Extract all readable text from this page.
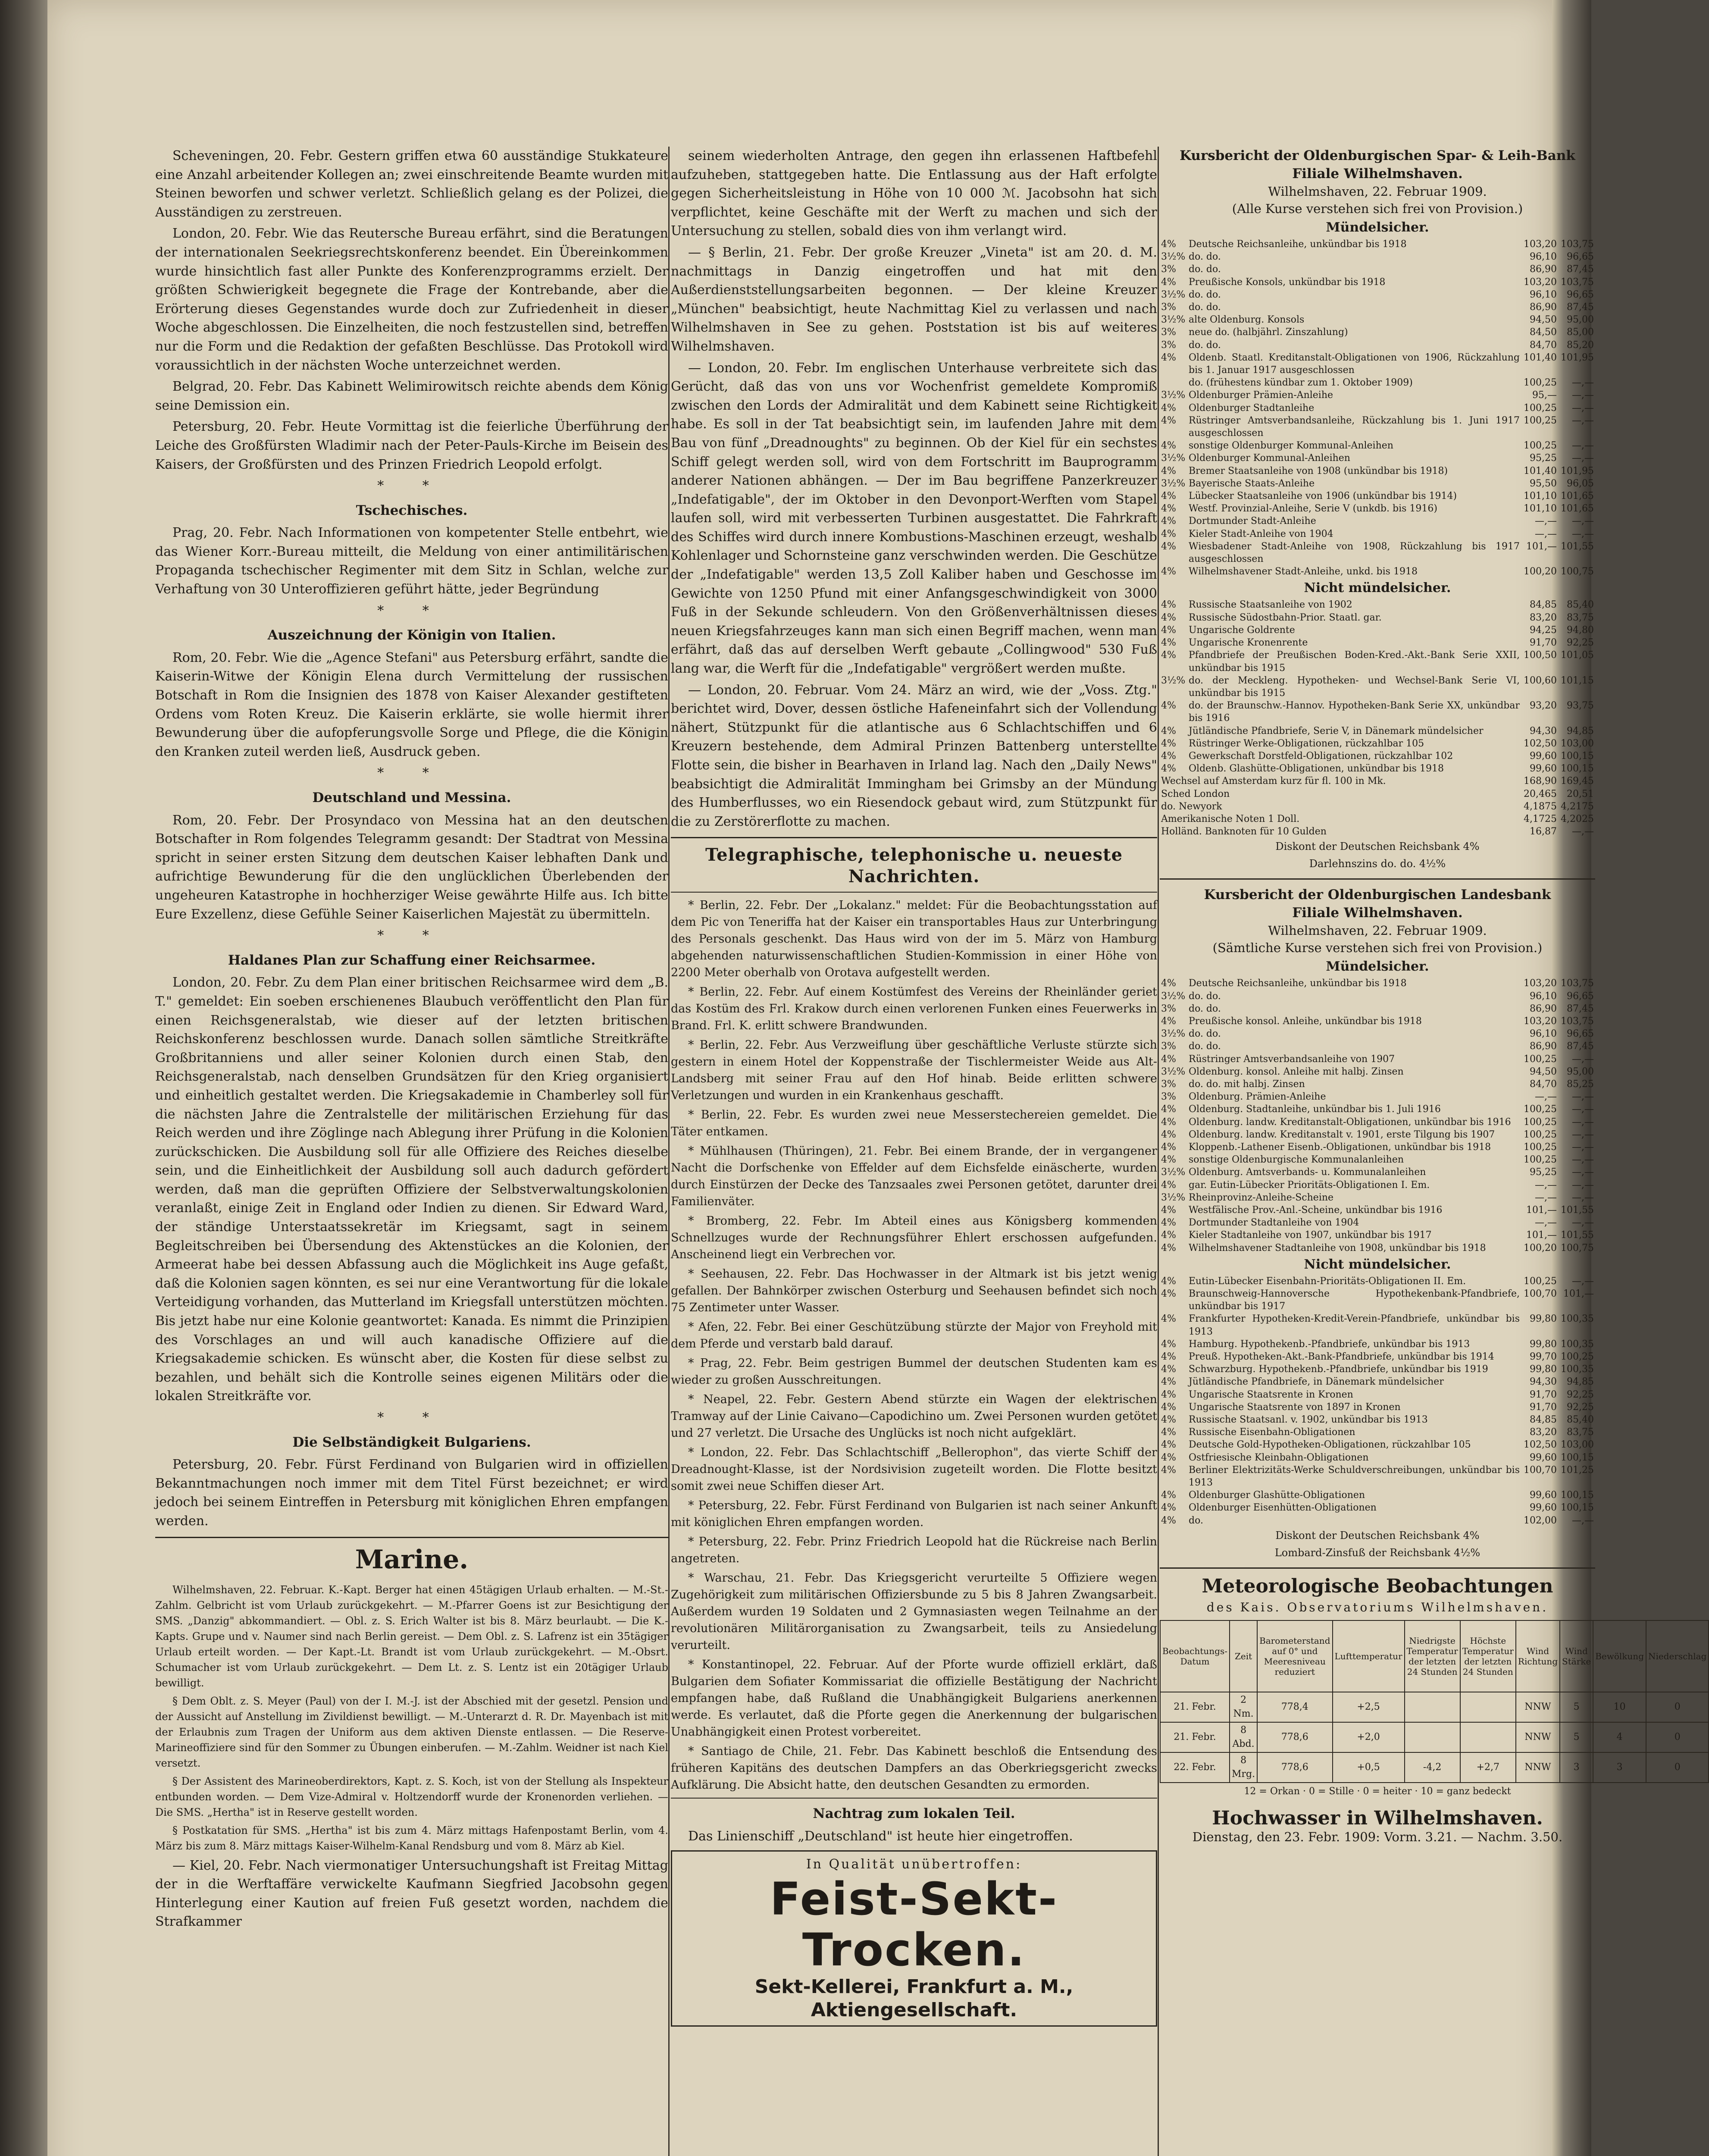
Scheveningen, 20. Febr. Gestern griffen etwa 60 ausständige Stukkateure eine Anzahl arbeitender Kollegen an; zwei einschreitende Beamte wurden mit Steinen beworfen und schwer verletzt. Schließlich gelang es der Polizei, die Ausständigen zu zerstreuen.

London, 20. Febr. Wie das Reutersche Bureau erfährt, sind die Beratungen der internationalen Seekriegsrechtskonferenz beendet. Ein Übereinkommen wurde hinsichtlich fast aller Punkte des Konferenzprogramms erzielt. Der größten Schwierigkeit begegnete die Frage der Kontrebande, aber die Erörterung dieses Gegenstandes wurde doch zur Zufriedenheit in dieser Woche abgeschlossen. Die Einzelheiten, die noch festzustellen sind, betreffen nur die Form und die Redaktion der gefaßten Beschlüsse. Das Protokoll wird voraussichtlich in der nächsten Woche unterzeichnet werden.

Belgrad, 20. Febr. Das Kabinett Welimirowitsch reichte abends dem König seine Demission ein.

Petersburg, 20. Febr. Heute Vormittag ist die feierliche Überführung der Leiche des Großfürsten Wladimir nach der Peter-Pauls-Kirche im Beisein des Kaisers, der Großfürsten und des Prinzen Friedrich Leopold erfolgt.

* *
Tschechisches.

Prag, 20. Febr. Nach Informationen von kompetenter Stelle entbehrt, wie das Wiener Korr.-Bureau mitteilt, die Meldung von einer antimilitärischen Propaganda tschechischer Regimenter mit dem Sitz in Schlan, welche zur Verhaftung von 30 Unteroffizieren geführt hätte, jeder Begründung

* *
Auszeichnung der Königin von Italien.

Rom, 20. Febr. Wie die „Agence Stefani" aus Petersburg erfährt, sandte die Kaiserin-Witwe der Königin Elena durch Vermittelung der russischen Botschaft in Rom die Insignien des 1878 von Kaiser Alexander gestifteten Ordens vom Roten Kreuz. Die Kaiserin erklärte, sie wolle hiermit ihrer Bewunderung über die aufopferungsvolle Sorge und Pflege, die die Königin den Kranken zuteil werden ließ, Ausdruck geben.

* *
Deutschland und Messina.

Rom, 20. Febr. Der Prosyndaco von Messina hat an den deutschen Botschafter in Rom folgendes Telegramm gesandt: Der Stadtrat von Messina spricht in seiner ersten Sitzung dem deutschen Kaiser lebhaften Dank und aufrichtige Bewunderung für die den unglücklichen Überlebenden der ungeheuren Katastrophe in hochherziger Weise gewährte Hilfe aus. Ich bitte Eure Exzellenz, diese Gefühle Seiner Kaiserlichen Majestät zu übermitteln.

* *
Haldanes Plan zur Schaffung einer Reichsarmee.

London, 20. Febr. Zu dem Plan einer britischen Reichsarmee wird dem „B. T." gemeldet: Ein soeben erschienenes Blaubuch veröffentlicht den Plan für einen Reichsgeneralstab, wie dieser auf der letzten britischen Reichskonferenz beschlossen wurde. Danach sollen sämtliche Streitkräfte Großbritanniens und aller seiner Kolonien durch einen Stab, den Reichsgeneralstab, nach denselben Grundsätzen für den Krieg organisiert und einheitlich gestaltet werden. Die Kriegsakademie in Chamberley soll für die nächsten Jahre die Zentralstelle der militärischen Erziehung für das Reich werden und ihre Zöglinge nach Ablegung ihrer Prüfung in die Kolonien zurückschicken. Die Ausbildung soll für alle Offiziere des Reiches dieselbe sein, und die Einheitlichkeit der Ausbildung soll auch dadurch gefördert werden, daß man die geprüften Offiziere der Selbstverwaltungskolonien veranlaßt, einige Zeit in England oder Indien zu dienen. Sir Edward Ward, der ständige Unterstaatssekretär im Kriegsamt, sagt in seinem Begleitschreiben bei Übersendung des Aktenstückes an die Kolonien, der Armeerat habe bei dessen Abfassung auch die Möglichkeit ins Auge gefaßt, daß die Kolonien sagen könnten, es sei nur eine Verantwortung für die lokale Verteidigung vorhanden, das Mutterland im Kriegsfall unterstützen möchten. Bis jetzt habe nur eine Kolonie geantwortet: Kanada. Es nimmt die Prinzipien des Vorschlages an und will auch kanadische Offiziere auf die Kriegsakademie schicken. Es wünscht aber, die Kosten für diese selbst zu bezahlen, und behält sich die Kontrolle seines eigenen Militärs oder die lokalen Streitkräfte vor.

* *
Die Selbständigkeit Bulgariens.

Petersburg, 20. Febr. Fürst Ferdinand von Bulgarien wird in offiziellen Bekanntmachungen noch immer mit dem Titel Fürst bezeichnet; er wird jedoch bei seinem Eintreffen in Petersburg mit königlichen Ehren empfangen werden.

Marine.

Wilhelmshaven, 22. Februar. K.-Kapt. Berger hat einen 45tägigen Urlaub erhalten. — M.-St.-Zahlm. Gelbricht ist vom Urlaub zurückgekehrt. — M.-Pfarrer Goens ist zur Besichtigung der SMS. „Danzig" abkommandiert. — Obl. z. S. Erich Walter ist bis 8. März beurlaubt. — Die K.-Kapts. Grupe und v. Naumer sind nach Berlin gereist. — Dem Obl. z. S. Lafrenz ist ein 35tägiger Urlaub erteilt worden. — Der Kapt.-Lt. Brandt ist vom Urlaub zurückgekehrt. — M.-Obsrt. Schumacher ist vom Urlaub zurückgekehrt. — Dem Lt. z. S. Lentz ist ein 20tägiger Urlaub bewilligt.

§ Dem Oblt. z. S. Meyer (Paul) von der I. M.-J. ist der Abschied mit der gesetzl. Pension und der Aussicht auf Anstellung im Zivildienst bewilligt. — M.-Unterarzt d. R. Dr. Mayenbach ist mit der Erlaubnis zum Tragen der Uniform aus dem aktiven Dienste entlassen. — Die Reserve-Marineoffiziere sind für den Sommer zu Übungen einberufen. — M.-Zahlm. Weidner ist nach Kiel versetzt.

§ Der Assistent des Marineoberdirektors, Kapt. z. S. Koch, ist von der Stellung als Inspekteur entbunden worden. — Dem Vize-Admiral v. Holtzendorff wurde der Kronenorden verliehen. — Die SMS. „Hertha" ist in Reserve gestellt worden.

§ Postkatation für SMS. „Hertha" ist bis zum 4. März mittags Hafenpostamt Berlin, vom 4. März bis zum 8. März mittags Kaiser-Wilhelm-Kanal Rendsburg und vom 8. März ab Kiel.

— Kiel, 20. Febr. Nach viermonatiger Untersuchungshaft ist Freitag Mittag der in die Werftaffäre verwickelte Kaufmann Siegfried Jacobsohn gegen Hinterlegung einer Kaution auf freien Fuß gesetzt worden, nachdem die Strafkammer

seinem wiederholten Antrage, den gegen ihn erlassenen Haftbefehl aufzuheben, stattgegeben hatte. Die Entlassung aus der Haft erfolgte gegen Sicherheitsleistung in Höhe von 10 000 ℳ. Jacobsohn hat sich verpflichtet, keine Geschäfte mit der Werft zu machen und sich der Untersuchung zu stellen, sobald dies von ihm verlangt wird.

— § Berlin, 21. Febr. Der große Kreuzer „Vineta" ist am 20. d. M. nachmittags in Danzig eingetroffen und hat mit den Außerdienststellungsarbeiten begonnen. — Der kleine Kreuzer „München" beabsichtigt, heute Nachmittag Kiel zu verlassen und nach Wilhelmshaven in See zu gehen. Poststation ist bis auf weiteres Wilhelmshaven.

— London, 20. Febr. Im englischen Unterhause verbreitete sich das Gerücht, daß das von uns vor Wochenfrist gemeldete Kompromiß zwischen den Lords der Admiralität und dem Kabinett seine Richtigkeit habe. Es soll in der Tat beabsichtigt sein, im laufenden Jahre mit dem Bau von fünf „Dreadnoughts" zu beginnen. Ob der Kiel für ein sechstes Schiff gelegt werden soll, wird von dem Fortschritt im Bauprogramm anderer Nationen abhängen. — Der im Bau begriffene Panzerkreuzer „Indefatigable", der im Oktober in den Devonport-Werften vom Stapel laufen soll, wird mit verbesserten Turbinen ausgestattet. Die Fahrkraft des Schiffes wird durch innere Kombustions-Maschinen erzeugt, weshalb Kohlenlager und Schornsteine ganz verschwinden werden. Die Geschütze der „Indefatigable" werden 13,5 Zoll Kaliber haben und Geschosse im Gewichte von 1250 Pfund mit einer Anfangsgeschwindigkeit von 3000 Fuß in der Sekunde schleudern. Von den Größenverhältnissen dieses neuen Kriegsfahrzeuges kann man sich einen Begriff machen, wenn man erfährt, daß das auf derselben Werft gebaute „Collingwood" 530 Fuß lang war, die Werft für die „Indefatigable" vergrößert werden mußte.

— London, 20. Februar. Vom 24. März an wird, wie der „Voss. Ztg." berichtet wird, Dover, dessen östliche Hafeneinfahrt sich der Vollendung nähert, Stützpunkt für die atlantische aus 6 Schlachtschiffen und 6 Kreuzern bestehende, dem Admiral Prinzen Battenberg unterstellte Flotte sein, die bisher in Bearhaven in Irland lag. Nach den „Daily News" beabsichtigt die Admiralität Immingham bei Grimsby an der Mündung des Humberflusses, wo ein Riesendock gebaut wird, zum Stützpunkt für die zu Zerstörerflotte zu machen.

Telegraphische, telephonische u. neueste Nachrichten.

* Berlin, 22. Febr. Der „Lokalanz." meldet: Für die Beobachtungsstation auf dem Pic von Teneriffa hat der Kaiser ein transportables Haus zur Unterbringung des Personals geschenkt. Das Haus wird von der im 5. März von Hamburg abgehenden naturwissenschaftlichen Studien-Kommission in einer Höhe von 2200 Meter oberhalb von Orotava aufgestellt werden.

* Berlin, 22. Febr. Auf einem Kostümfest des Vereins der Rheinländer geriet das Kostüm des Frl. Krakow durch einen verlorenen Funken eines Feuerwerks in Brand. Frl. K. erlitt schwere Brandwunden.

* Berlin, 22. Febr. Aus Verzweiflung über geschäftliche Verluste stürzte sich gestern in einem Hotel der Koppenstraße der Tischlermeister Weide aus Alt-Landsberg mit seiner Frau auf den Hof hinab. Beide erlitten schwere Verletzungen und wurden in ein Krankenhaus geschafft.

* Berlin, 22. Febr. Es wurden zwei neue Messerstechereien gemeldet. Die Täter entkamen.

* Mühlhausen (Thüringen), 21. Febr. Bei einem Brande, der in vergangener Nacht die Dorfschenke von Effelder auf dem Eichsfelde einäscherte, wurden durch Einstürzen der Decke des Tanzsaales zwei Personen getötet, darunter drei Familienväter.

* Bromberg, 22. Febr. Im Abteil eines aus Königsberg kommenden Schnellzuges wurde der Rechnungsführer Ehlert erschossen aufgefunden. Anscheinend liegt ein Verbrechen vor.

* Seehausen, 22. Febr. Das Hochwasser in der Altmark ist bis jetzt wenig gefallen. Der Bahnkörper zwischen Osterburg und Seehausen befindet sich noch 75 Zentimeter unter Wasser.

* Afen, 22. Febr. Bei einer Geschützübung stürzte der Major von Freyhold mit dem Pferde und verstarb bald darauf.

* Prag, 22. Febr. Beim gestrigen Bummel der deutschen Studenten kam es wieder zu großen Ausschreitungen.

* Neapel, 22. Febr. Gestern Abend stürzte ein Wagen der elektrischen Tramway auf der Linie Caivano—Capodichino um. Zwei Personen wurden getötet und 27 verletzt. Die Ursache des Unglücks ist noch nicht aufgeklärt.

* London, 22. Febr. Das Schlachtschiff „Bellerophon", das vierte Schiff der Dreadnought-Klasse, ist der Nordsivision zugeteilt worden. Die Flotte besitzt somit zwei neue Schiffen dieser Art.

* Petersburg, 22. Febr. Fürst Ferdinand von Bulgarien ist nach seiner Ankunft mit königlichen Ehren empfangen worden.

* Petersburg, 22. Febr. Prinz Friedrich Leopold hat die Rückreise nach Berlin angetreten.

* Warschau, 21. Febr. Das Kriegsgericht verurteilte 5 Offiziere wegen Zugehörigkeit zum militärischen Offiziersbunde zu 5 bis 8 Jahren Zwangsarbeit. Außerdem wurden 19 Soldaten und 2 Gymnasiasten wegen Teilnahme an der revolutionären Militärorganisation zu Zwangsarbeit, teils zu Ansiedelung verurteilt.

* Konstantinopel, 22. Februar. Auf der Pforte wurde offiziell erklärt, daß Bulgarien dem Sofiater Kommissariat die offizielle Bestätigung der Nachricht empfangen habe, daß Rußland die Unabhängigkeit Bulgariens anerkennen werde. Es verlautet, daß die Pforte gegen die Anerkennung der bulgarischen Unabhängigkeit einen Protest vorbereitet.

* Santiago de Chile, 21. Febr. Das Kabinett beschloß die Entsendung des früheren Kapitäns des deutschen Dampfers an das Oberkriegsgericht zwecks Aufklärung. Die Absicht hatte, den deutschen Gesandten zu ermorden.

Nachtrag zum lokalen Teil.

Das Linienschiff „Deutschland" ist heute hier eingetroffen.

In Qualität unübertroffen:
Feist-Sekt-Trocken.
Sekt-Kellerei, Frankfurt a. M., Aktiengesellschaft.
Kursbericht der Oldenburgischen Spar- & Leih-Bank
Filiale Wilhelmshaven.
Wilhelmshaven, 22. Februar 1909.
(Alle Kurse verstehen sich frei von Provision.)
Mündelsicher.
4%	Deutsche Reichsanleihe, unkündbar bis 1918	103,20	103,75
3½%	do. do.	96,10	96,65
3%	do. do.	86,90	87,45
4%	Preußische Konsols, unkündbar bis 1918	103,20	103,75
3½%	do. do.	96,10	96,65
3%	do. do.	86,90	87,45
3½%	alte Oldenburg. Konsols	94,50	95,00
3%	neue do. (halbjährl. Zinszahlung)	84,50	85,00
3%	do. do.	84,70	85,20
4%	Oldenb. Staatl. Kreditanstalt-Obligationen von 1906, Rückzahlung bis 1. Januar 1917 ausgeschlossen	101,40	101,95
	do. (frühestens kündbar zum 1. Oktober 1909)	100,25	—,—
3½%	Oldenburger Prämien-Anleihe	95,—	—,—
4%	Oldenburger Stadtanleihe	100,25	—,—
4%	Rüstringer Amtsverbandsanleihe, Rückzahlung bis 1. Juni 1917 ausgeschlossen	100,25	—,—
4%	sonstige Oldenburger Kommunal-Anleihen	100,25	—,—
3½%	Oldenburger Kommunal-Anleihen	95,25	—,—
4%	Bremer Staatsanleihe von 1908 (unkündbar bis 1918)	101,40	101,95
3½%	Bayerische Staats-Anleihe	95,50	96,05
4%	Lübecker Staatsanleihe von 1906 (unkündbar bis 1914)	101,10	101,65
4%	Westf. Provinzial-Anleihe, Serie V (unkdb. bis 1916)	101,10	101,65
4%	Dortmunder Stadt-Anleihe	—,—	—,—
4%	Kieler Stadt-Anleihe von 1904	—,—	—,—
4%	Wiesbadener Stadt-Anleihe von 1908, Rückzahlung bis 1917 ausgeschlossen	101,—	101,55
4%	Wilhelmshavener Stadt-Anleihe, unkd. bis 1918	100,20	100,75
Nicht mündelsicher.
4%	Russische Staatsanleihe von 1902	84,85	85,40
4%	Russische Südostbahn-Prior. Staatl. gar.	83,20	83,75
4%	Ungarische Goldrente	94,25	94,80
4%	Ungarische Kronenrente	91,70	92,25
4%	Pfandbriefe der Preußischen Boden-Kred.-Akt.-Bank Serie XXII, unkündbar bis 1915	100,50	101,05
3½%	do. der Meckleng. Hypotheken- und Wechsel-Bank Serie VI, unkündbar bis 1915	100,60	101,15
4%	do. der Braunschw.-Hannov. Hypotheken-Bank Serie XX, unkündbar bis 1916	93,20	93,75
4%	Jütländische Pfandbriefe, Serie V, in Dänemark mündelsicher	94,30	94,85
4%	Rüstringer Werke-Obligationen, rückzahlbar 105	102,50	103,00
4%	Gewerkschaft Dorstfeld-Obligationen, rückzahlbar 102	99,60	100,15
4%	Oldenb. Glashütte-Obligationen, unkündbar bis 1918	99,60	100,15
Wechsel auf Amsterdam kurz für fl. 100 in Mk.	168,90	169,45
Sched London	20,465	20,51
do. Newyork	4,1875	4,2175
Amerikanische Noten 1 Doll.	4,1725	4,2025
Holländ. Banknoten für 10 Gulden	16,87	—,—
Diskont der Deutschen Reichsbank 4%
Darlehnszins do. do. 4½%
Kursbericht der Oldenburgischen Landesbank
Filiale Wilhelmshaven.
Wilhelmshaven, 22. Februar 1909.
(Sämtliche Kurse verstehen sich frei von Provision.)
Mündelsicher.
4%	Deutsche Reichsanleihe, unkündbar bis 1918	103,20	103,75
3½%	do. do.	96,10	96,65
3%	do. do.	86,90	87,45
4%	Preußische konsol. Anleihe, unkündbar bis 1918	103,20	103,75
3½%	do. do.	96,10	96,65
3%	do. do.	86,90	87,45
4%	Rüstringer Amtsverbandsanleihe von 1907	100,25	—,—
3½%	Oldenburg. konsol. Anleihe mit halbj. Zinsen	94,50	95,00
3%	do. do. mit halbj. Zinsen	84,70	85,25
3%	Oldenburg. Prämien-Anleihe	—,—	—,—
4%	Oldenburg. Stadtanleihe, unkündbar bis 1. Juli 1916	100,25	—,—
4%	Oldenburg. landw. Kreditanstalt-Obligationen, unkündbar bis 1916	100,25	—,—
4%	Oldenburg. landw. Kreditanstalt v. 1901, erste Tilgung bis 1907	100,25	—,—
4%	Kloppenb.-Lathener Eisenb.-Obligationen, unkündbar bis 1918	100,25	—,—
4%	sonstige Oldenburgische Kommunalanleihen	100,25	—,—
3½%	Oldenburg. Amtsverbands- u. Kommunalanleihen	95,25	—,—
4%	gar. Eutin-Lübecker Prioritäts-Obligationen I. Em.	—,—	—,—
3½%	Rheinprovinz-Anleihe-Scheine	—,—	—,—
4%	Westfälische Prov.-Anl.-Scheine, unkündbar bis 1916	101,—	101,55
4%	Dortmunder Stadtanleihe von 1904	—,—	—,—
4%	Kieler Stadtanleihe von 1907, unkündbar bis 1917	101,—	101,55
4%	Wilhelmshavener Stadtanleihe von 1908, unkündbar bis 1918	100,20	100,75
Nicht mündelsicher.
4%	Eutin-Lübecker Eisenbahn-Prioritäts-Obligationen II. Em.	100,25	—,—
4%	Braunschweig-Hannoversche Hypothekenbank-Pfandbriefe, unkündbar bis 1917	100,70	101,—
4%	Frankfurter Hypotheken-Kredit-Verein-Pfandbriefe, unkündbar bis 1913	99,80	100,35
4%	Hamburg. Hypothekenb.-Pfandbriefe, unkündbar bis 1913	99,80	100,35
4%	Preuß. Hypotheken-Akt.-Bank-Pfandbriefe, unkündbar bis 1914	99,70	100,25
4%	Schwarzburg. Hypothekenb.-Pfandbriefe, unkündbar bis 1919	99,80	100,35
4%	Jütländische Pfandbriefe, in Dänemark mündelsicher	94,30	94,85
4%	Ungarische Staatsrente in Kronen	91,70	92,25
4%	Ungarische Staatsrente von 1897 in Kronen	91,70	92,25
4%	Russische Staatsanl. v. 1902, unkündbar bis 1913	84,85	85,40
4%	Russische Eisenbahn-Obligationen	83,20	83,75
4%	Deutsche Gold-Hypotheken-Obligationen, rückzahlbar 105	102,50	103,00
4%	Ostfriesische Kleinbahn-Obligationen	99,60	100,15
4%	Berliner Elektrizitäts-Werke Schuldverschreibungen, unkündbar bis 1913	100,70	101,25
4%	Oldenburger Glashütte-Obligationen	99,60	100,15
4%	Oldenburger Eisenhütten-Obligationen	99,60	100,15
4%	do.	102,00	—,—
Diskont der Deutschen Reichsbank 4%
Lombard-Zinsfuß der Reichsbank 4½%
Meteorologische Beobachtungen
des Kais. Observatoriums Wilhelmshaven.
Beobachtungs-Datum	Zeit	Barometerstand auf 0° und Meeresniveau reduziert	Lufttemperatur	Niedrigste Temperatur der letzten 24 Stunden	Höchste Temperatur der letzten 24 Stunden	Wind Richtung	Wind Stärke	Bewölkung	Niederschlag
21. Febr.	2 Nm.	778,4	+2,5			NNW	5	10	0
21. Febr.	8 Abd.	778,6	+2,0			NNW	5	4	0
22. Febr.	8 Mrg.	778,6	+0,5	-4,2	+2,7	NNW	3	3	0
12 = Orkan · 0 = Stille · 0 = heiter · 10 = ganz bedeckt
Hochwasser in Wilhelmshaven.
Dienstag, den 23. Febr. 1909: Vorm. 3.21. — Nachm. 3.50.
